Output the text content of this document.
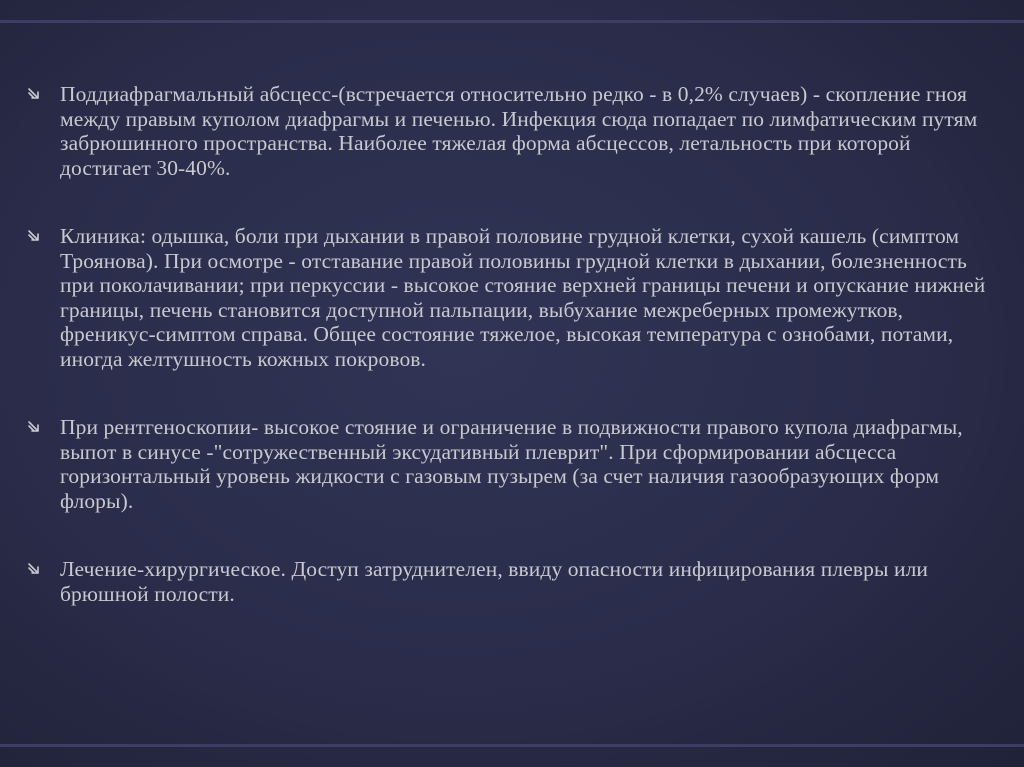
Поддиафрагмальный абсцесс-(встречается относительно редко - в 0,2% случаев) - скопление гноя между правым куполом диафрагмы и печенью. Инфекция сюда попадает по лимфатическим путям забрюшинного пространства. Наиболее тяжелая форма абсцессов, летальность при которой достигает 30-40%.
Клиника: одышка, боли при дыхании в правой половине грудной клетки, сухой кашель (симптом Троянова). При осмотре - отставание правой половины грудной клетки в дыхании, болезненность при поколачивании; при перкуссии - высокое стояние верхней границы печени и опускание нижней границы, печень становится доступной пальпации, выбухание межреберных промежутков, френикус-симптом справа. Общее состояние тяжелое, высокая температура с ознобами, потами, иногда желтушность кожных покровов.
При рентгеноскопии- высокое стояние и ограничение в подвижности правого купола диафрагмы, выпот в синусе -"сотружественный эксудативный плеврит". При сформировании абсцесса горизонтальный уровень жидкости с газовым пузырем (за счет наличия газообразующих форм флоры).
Лечение-хирургическое. Доступ затруднителен, ввиду опасности инфицирования плевры или брюшной полости.
